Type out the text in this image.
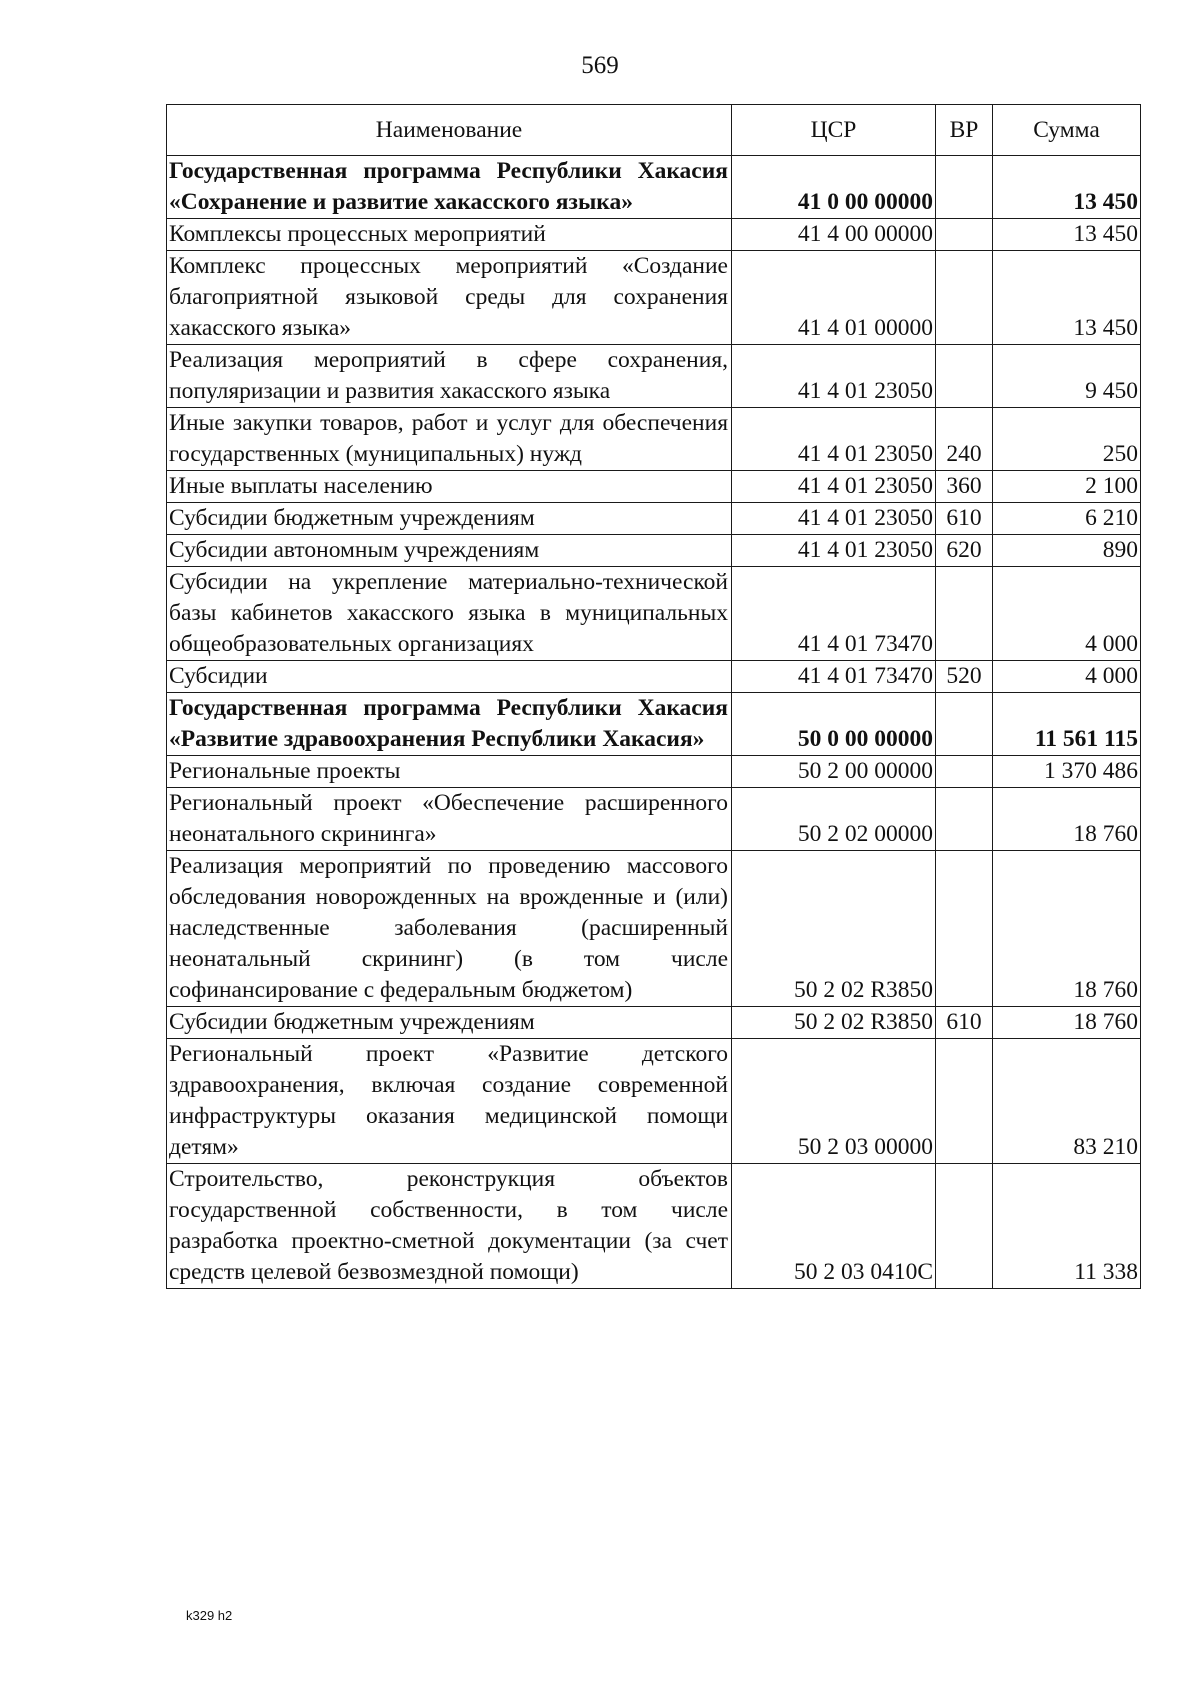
569
Наименование	ЦСР	ВР	Сумма
Государственная программа Республики Хакасия «Сохранение и развитие хакасского языка»	41 0 00 00000		13 450
Комплексы процессных мероприятий	41 4 00 00000		13 450
Комплекс процессных мероприятий «Создание благоприятной языковой среды для сохранения хакасского языка»	41 4 01 00000		13 450
Реализация мероприятий в сфере сохранения, популяризации и развития хакасского языка	41 4 01 23050		9 450
Иные закупки товаров, работ и услуг для обеспечения государственных (муниципальных) нужд	41 4 01 23050	240	250
Иные выплаты населению	41 4 01 23050	360	2 100
Субсидии бюджетным учреждениям	41 4 01 23050	610	6 210
Субсидии автономным учреждениям	41 4 01 23050	620	890
Субсидии на укрепление материально-технической базы кабинетов хакасского языка в муниципальных общеобразовательных организациях	41 4 01 73470		4 000
Субсидии	41 4 01 73470	520	4 000
Государственная программа Республики Хакасия «Развитие здравоохранения Республики Хакасия»	50 0 00 00000		11 561 115
Региональные проекты	50 2 00 00000		1 370 486
Региональный проект «Обеспечение расширенного неонатального скрининга»	50 2 02 00000		18 760
Реализация мероприятий по проведению массового обследования новорожденных на врожденные и (или) наследственные заболевания (расширенный неонатальный скрининг) (в том числе софинансирование с федеральным бюджетом)	50 2 02 R3850		18 760
Субсидии бюджетным учреждениям	50 2 02 R3850	610	18 760
Региональный проект «Развитие детского здравоохранения, включая создание современной инфраструктуры оказания медицинской помощи детям»	50 2 03 00000		83 210
Строительство, реконструкция объектов государственной собственности, в том числе разработка проектно-сметной документации (за счет средств целевой безвозмездной помощи)	50 2 03 0410C		11 338
k329 h2
